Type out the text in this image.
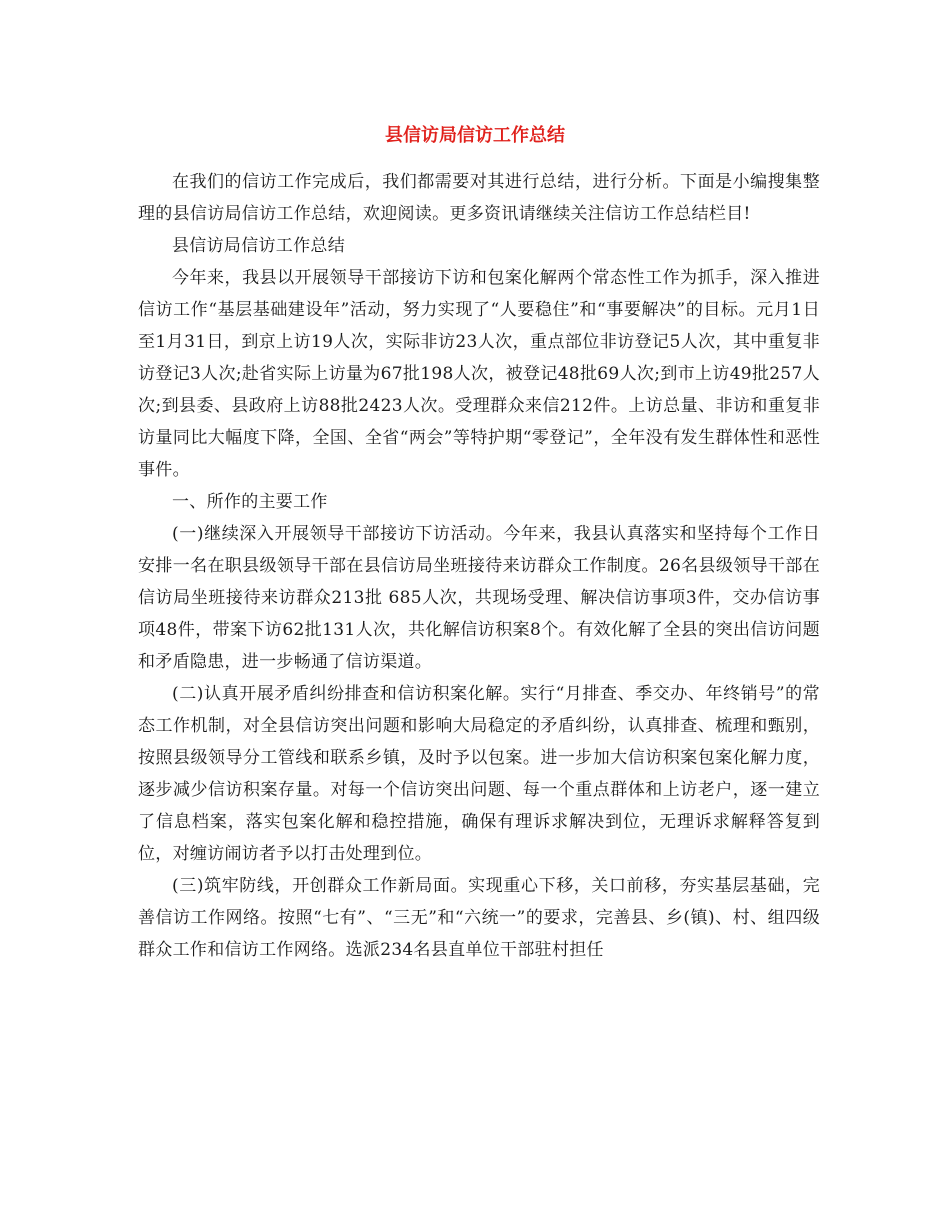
县信访局信访工作总结

在我们的信访工作完成后，我们都需要对其进行总结，进行分析。下面是小编搜集整理的县信访局信访工作总结，欢迎阅读。更多资讯请继续关注信访工作总结栏目!

县信访局信访工作总结

今年来，我县以开展领导干部接访下访和包案化解两个常态性工作为抓手，深入推进信访工作“基层基础建设年”活动，努力实现了“人要稳住”和“事要解决”的目标。元月1日至1月31日，到京上访19人次，实际非访23人次，重点部位非访登记5人次，其中重复非访登记3人次;赴省实际上访量为67批198人次，被登记48批69人次;到市上访49批257人次;到县委、县政府上访88批2423人次。受理群众来信212件。上访总量、非访和重复非访量同比大幅度下降，全国、全省“两会”等特护期“零登记”，全年没有发生群体性和恶性事件。

一、所作的主要工作

(一)继续深入开展领导干部接访下访活动。今年来，我县认真落实和坚持每个工作日安排一名在职县级领导干部在县信访局坐班接待来访群众工作制度。26名县级领导干部在信访局坐班接待来访群众213批 685人次，共现场受理、解决信访事项3件，交办信访事项48件，带案下访62批131人次，共化解信访积案8个。有效化解了全县的突出信访问题和矛盾隐患，进一步畅通了信访渠道。

(二)认真开展矛盾纠纷排查和信访积案化解。实行“月排查、季交办、年终销号”的常态工作机制，对全县信访突出问题和影响大局稳定的矛盾纠纷，认真排查、梳理和甄别，按照县级领导分工管线和联系乡镇，及时予以包案。进一步加大信访积案包案化解力度，逐步减少信访积案存量。对每一个信访突出问题、每一个重点群体和上访老户，逐一建立了信息档案，落实包案化解和稳控措施，确保有理诉求解决到位，无理诉求解释答复到位，对缠访闹访者予以打击处理到位。

(三)筑牢防线，开创群众工作新局面。实现重心下移，关口前移，夯实基层基础，完善信访工作网络。按照“七有”、“三无”和“六统一”的要求，完善县、乡(镇)、村、组四级群众工作和信访工作网络。选派234名县直单位干部驻村担任
